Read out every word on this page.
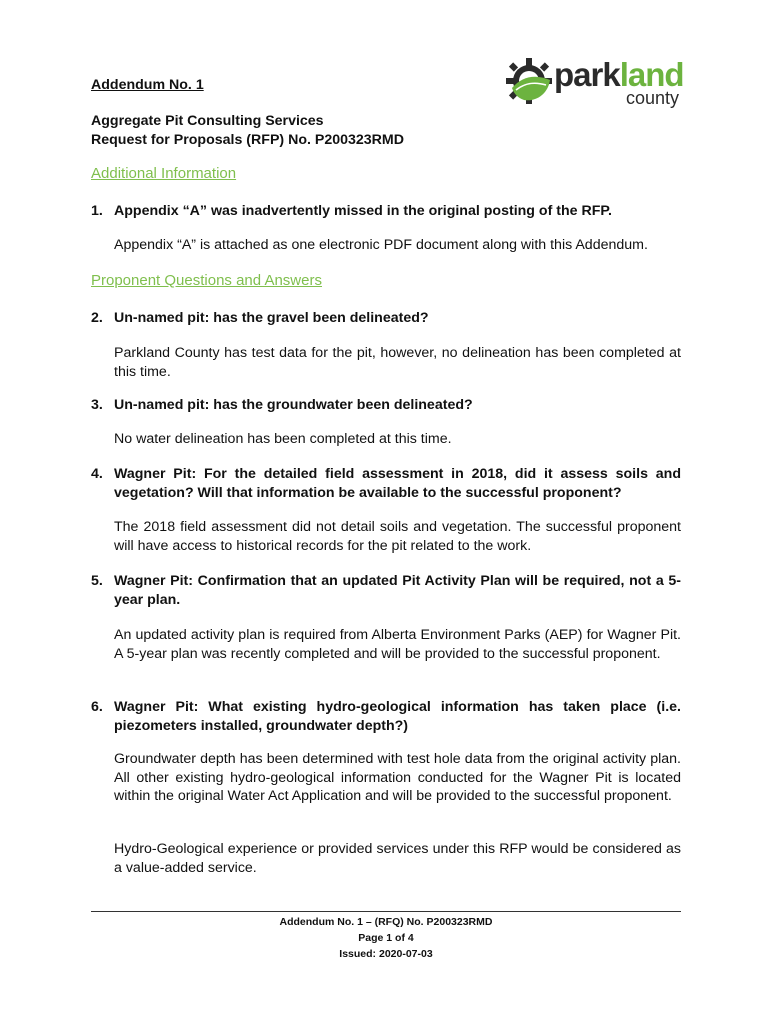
parkland
county
Addendum No. 1
Aggregate Pit Consulting Services
Request for Proposals (RFP) No. P200323RMD
Additional Information
1. Appendix “A” was inadvertently missed in the original posting of the RFP.
Appendix “A” is attached as one electronic PDF document along with this Addendum.
Proponent Questions and Answers
2. Un-named pit: has the gravel been delineated?
Parkland County has test data for the pit, however, no delineation has been completed at this time.
3. Un-named pit: has the groundwater been delineated?
No water delineation has been completed at this time.
4. Wagner Pit: For the detailed field assessment in 2018, did it assess soils and vegetation? Will that information be available to the successful proponent?
The 2018 field assessment did not detail soils and vegetation. The successful proponent will have access to historical records for the pit related to the work.
5. Wagner Pit: Confirmation that an updated Pit Activity Plan will be required, not a 5-year plan.
An updated activity plan is required from Alberta Environment Parks (AEP) for Wagner Pit. A 5-year plan was recently completed and will be provided to the successful proponent.
6. Wagner Pit: What existing hydro-geological information has taken place (i.e. piezometers installed, groundwater depth?)
Groundwater depth has been determined with test hole data from the original activity plan. All other existing hydro-geological information conducted for the Wagner Pit is located within the original Water Act Application and will be provided to the successful proponent.
Hydro-Geological experience or provided services under this RFP would be considered as a value-added service.
Addendum No. 1 – (RFQ) No. P200323RMD
Page 1 of 4
Issued: 2020-07-03
